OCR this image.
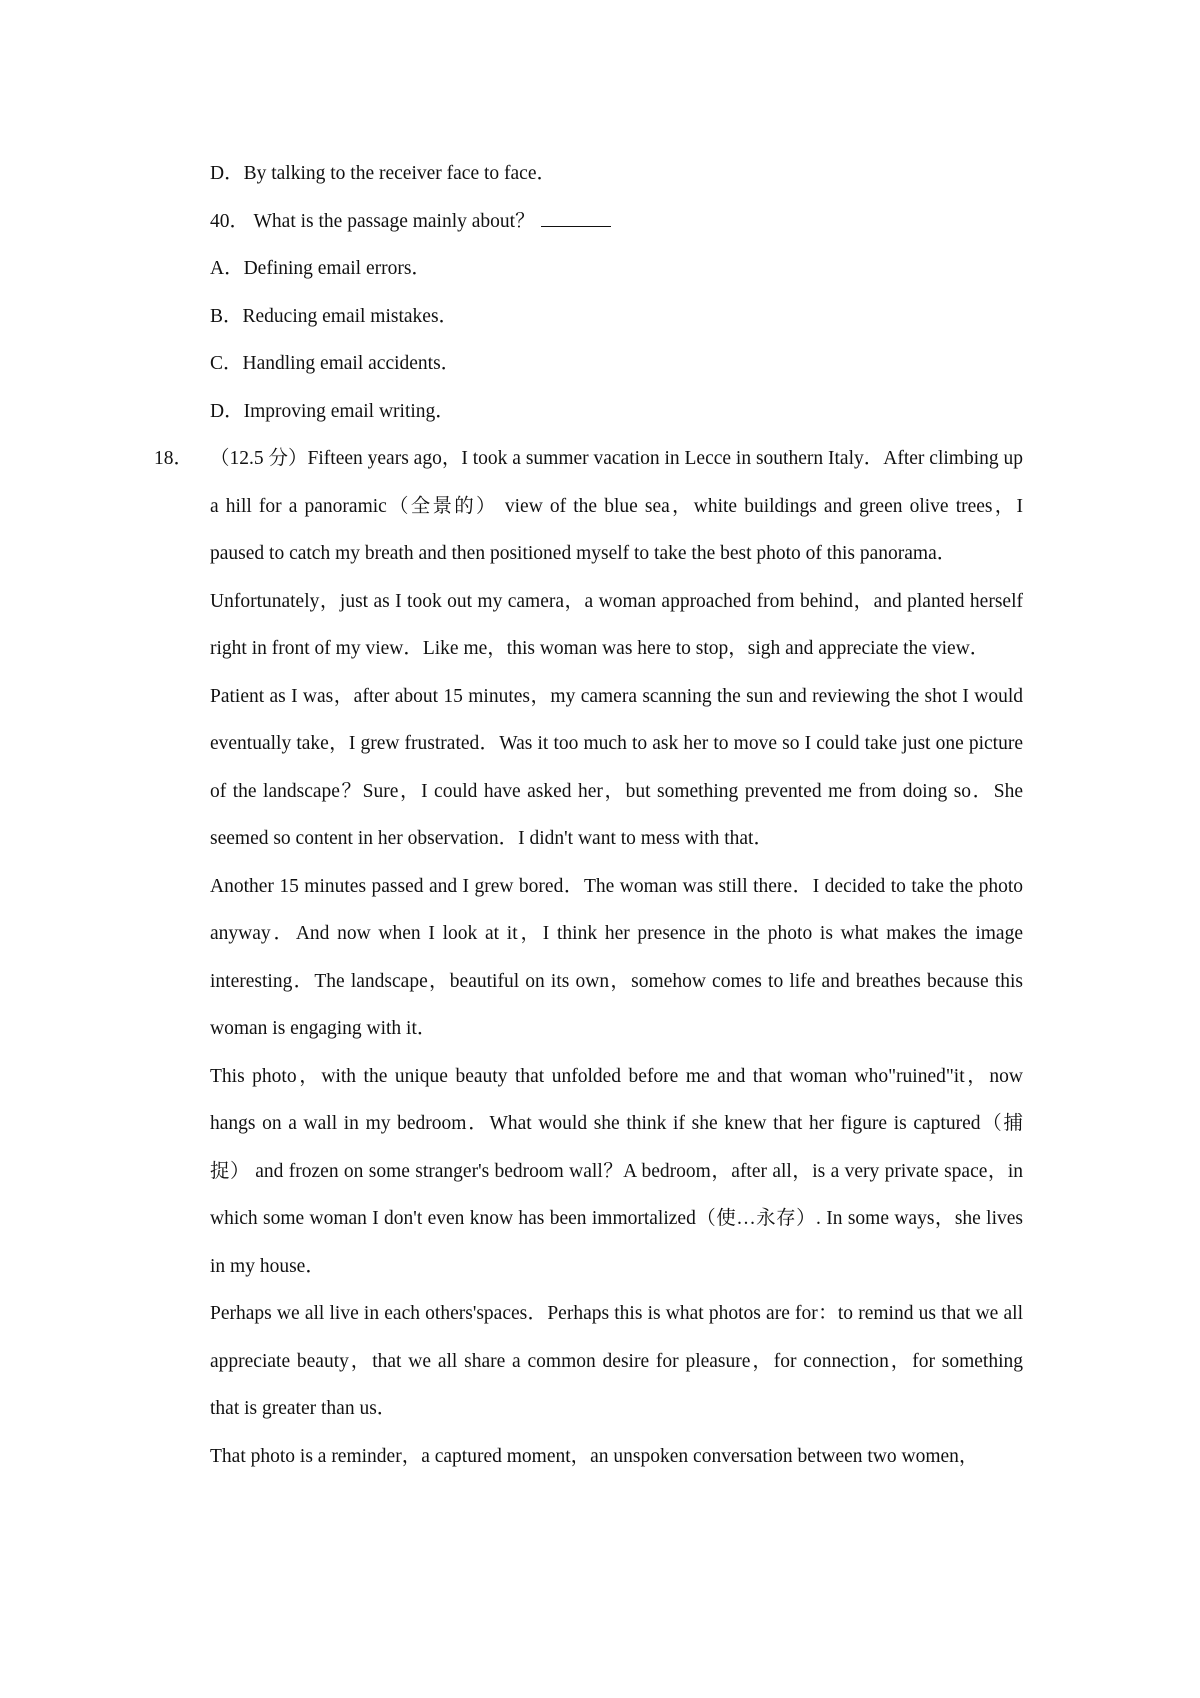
D．By talking to the receiver face to face．
40． What is the passage mainly about？
A．Defining email errors．
B．Reducing email mistakes．
C．Handling email accidents．
D．Improving email writing．
18． （12.5 分）Fifteen years ago，I took a summer vacation in Lecce in southern Italy．After climbing up a hill for a panoramic（全景的） view of the blue sea，white buildings and green olive trees，I paused to catch my breath and then positioned myself to take the best photo of this panorama．

Unfortunately，just as I took out my camera，a woman approached from behind，and planted herself right in front of my view．Like me，this woman was here to stop，sigh and appreciate the view．

Patient as I was，after about 15 minutes，my camera scanning the sun and reviewing the shot I would eventually take，I grew frustrated．Was it too much to ask her to move so I could take just one picture of the landscape？Sure，I could have asked her，but something prevented me from doing so．She seemed so content in her observation．I didn't want to mess with that．

Another 15 minutes passed and I grew bored．The woman was still there．I decided to take the photo anyway．And now when I look at it，I think her presence in the photo is what makes the image interesting．The landscape，beautiful on its own，somehow comes to life and breathes because this woman is engaging with it．

This photo，with the unique beauty that unfolded before me and that woman who"ruined"it，now hangs on a wall in my bedroom．What would she think if she knew that her figure is captured（捕捉） and frozen on some stranger's bedroom wall？A bedroom，after all，is a very private space，in which some woman I don't even know has been immortalized（使…永存）. In some ways，she lives in my house．

Perhaps we all live in each others'spaces．Perhaps this is what photos are for：to remind us that we all appreciate beauty，that we all share a common desire for pleasure，for connection，for something that is greater than us．

That photo is a reminder，a captured moment，an unspoken conversation between two women，
